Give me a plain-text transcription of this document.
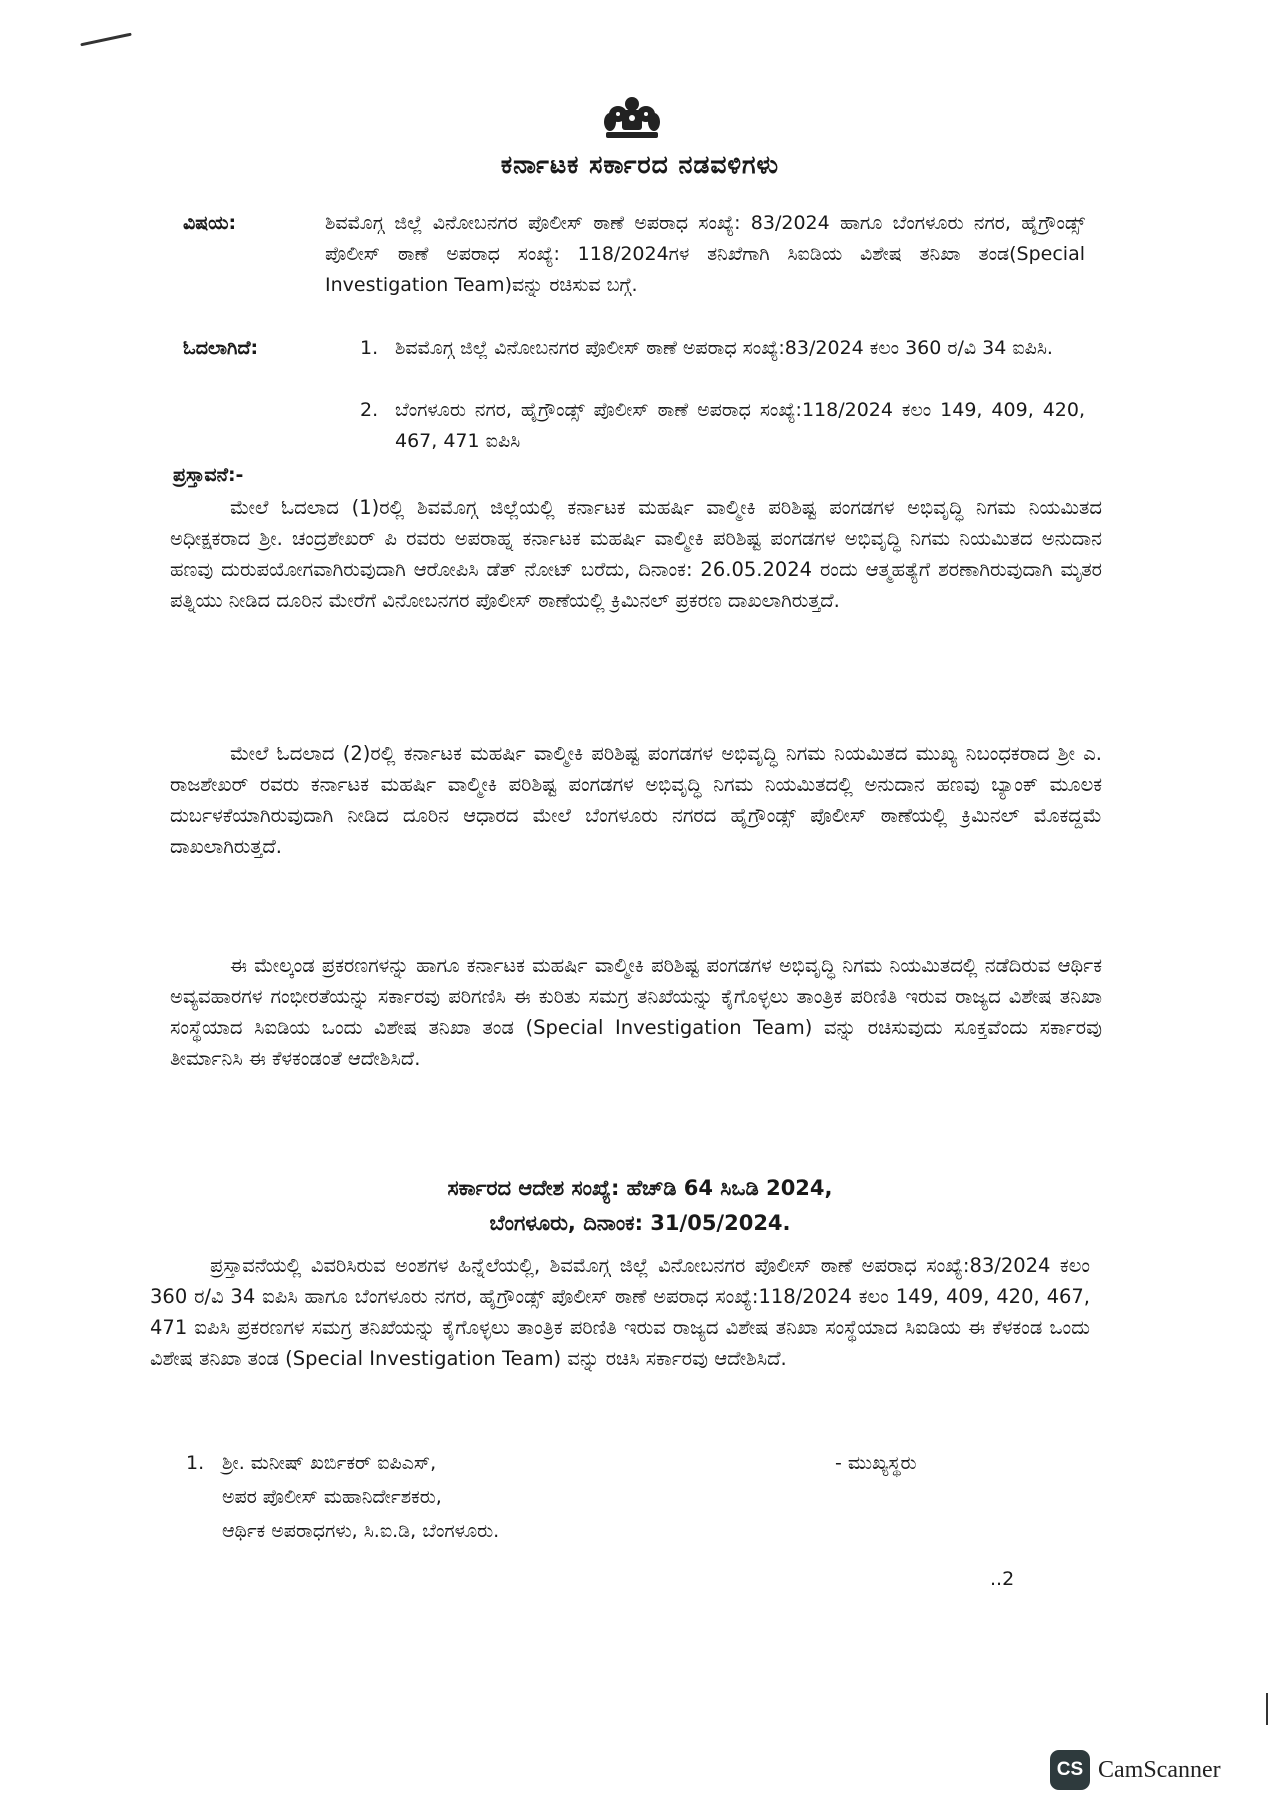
ಕರ್ನಾಟಕ ಸರ್ಕಾರದ ನಡವಳಿಗಳು
ವಿಷಯ:	ಶಿವಮೊಗ್ಗ ಜಿಲ್ಲೆ ವಿನೋಬನಗರ ಪೊಲೀಸ್ ಠಾಣೆ ಅಪರಾಧ ಸಂಖ್ಯೆ: 83/2024 ಹಾಗೂ ಬೆಂಗಳೂರು ನಗರ, ಹೈಗ್ರೌಂಡ್ಸ್ ಪೊಲೀಸ್ ಠಾಣೆ ಅಪರಾಧ ಸಂಖ್ಯೆ: 118/2024ಗಳ ತನಿಖೆಗಾಗಿ ಸಿಐಡಿಯ ವಿಶೇಷ ತನಿಖಾ ತಂಡ(Special Investigation Team)ವನ್ನು ರಚಿಸುವ ಬಗ್ಗೆ.
ಓದಲಾಗಿದೆ:	1. ಶಿವಮೊಗ್ಗ ಜಿಲ್ಲೆ ವಿನೋಬನಗರ ಪೊಲೀಸ್ ಠಾಣೆ ಅಪರಾಧ ಸಂಖ್ಯೆ:83/2024 ಕಲಂ 360 ರ/ವಿ 34 ಐಪಿಸಿ.
2. ಬೆಂಗಳೂರು ನಗರ, ಹೈಗ್ರೌಂಡ್ಸ್ ಪೊಲೀಸ್ ಠಾಣೆ ಅಪರಾಧ ಸಂಖ್ಯೆ:118/2024 ಕಲಂ 149, 409, 420, 467, 471 ಐಪಿಸಿ
ಪ್ರಸ್ತಾವನೆ:-
ಮೇಲೆ ಓದಲಾದ (1)ರಲ್ಲಿ ಶಿವಮೊಗ್ಗ ಜಿಲ್ಲೆಯಲ್ಲಿ ಕರ್ನಾಟಕ ಮಹರ್ಷಿ ವಾಲ್ಮೀಕಿ ಪರಿಶಿಷ್ಟ ಪಂಗಡಗಳ ಅಭಿವೃದ್ಧಿ ನಿಗಮ ನಿಯಮಿತದ ಅಧೀಕ್ಷಕರಾದ ಶ್ರೀ. ಚಂದ್ರಶೇಖರ್ ಪಿ ರವರು ಅಪರಾಹ್ನ ಕರ್ನಾಟಕ ಮಹರ್ಷಿ ವಾಲ್ಮೀಕಿ ಪರಿಶಿಷ್ಟ ಪಂಗಡಗಳ ಅಭಿವೃದ್ಧಿ ನಿಗಮ ನಿಯಮಿತದ ಅನುದಾನ ಹಣವು ದುರುಪಯೋಗವಾಗಿರುವುದಾಗಿ ಆರೋಪಿಸಿ ಡೆತ್ ನೋಟ್ ಬರೆದು, ದಿನಾಂಕ: 26.05.2024 ರಂದು ಆತ್ಮಹತ್ಯೆಗೆ ಶರಣಾಗಿರುವುದಾಗಿ ಮೃತರ ಪತ್ನಿಯು ನೀಡಿದ ದೂರಿನ ಮೇರೆಗೆ ವಿನೋಬನಗರ ಪೊಲೀಸ್ ಠಾಣೆಯಲ್ಲಿ ಕ್ರಿಮಿನಲ್ ಪ್ರಕರಣ ದಾಖಲಾಗಿರುತ್ತದೆ.
ಮೇಲೆ ಓದಲಾದ (2)ರಲ್ಲಿ ಕರ್ನಾಟಕ ಮಹರ್ಷಿ ವಾಲ್ಮೀಕಿ ಪರಿಶಿಷ್ಟ ಪಂಗಡಗಳ ಅಭಿವೃದ್ಧಿ ನಿಗಮ ನಿಯಮಿತದ ಮುಖ್ಯ ನಿಬಂಧಕರಾದ ಶ್ರೀ ಎ. ರಾಜಶೇಖರ್ ರವರು ಕರ್ನಾಟಕ ಮಹರ್ಷಿ ವಾಲ್ಮೀಕಿ ಪರಿಶಿಷ್ಟ ಪಂಗಡಗಳ ಅಭಿವೃದ್ಧಿ ನಿಗಮ ನಿಯಮಿತದಲ್ಲಿ ಅನುದಾನ ಹಣವು ಬ್ಯಾಂಕ್ ಮೂಲಕ ದುರ್ಬಳಕೆಯಾಗಿರುವುದಾಗಿ ನೀಡಿದ ದೂರಿನ ಆಧಾರದ ಮೇಲೆ ಬೆಂಗಳೂರು ನಗರದ ಹೈಗ್ರೌಂಡ್ಸ್ ಪೊಲೀಸ್ ಠಾಣೆಯಲ್ಲಿ ಕ್ರಿಮಿನಲ್ ಮೊಕದ್ದಮೆ ದಾಖಲಾಗಿರುತ್ತದೆ.
ಈ ಮೇಲ್ಕಂಡ ಪ್ರಕರಣಗಳನ್ನು ಹಾಗೂ ಕರ್ನಾಟಕ ಮಹರ್ಷಿ ವಾಲ್ಮೀಕಿ ಪರಿಶಿಷ್ಟ ಪಂಗಡಗಳ ಅಭಿವೃದ್ಧಿ ನಿಗಮ ನಿಯಮಿತದಲ್ಲಿ ನಡೆದಿರುವ ಆರ್ಥಿಕ ಅವ್ಯವಹಾರಗಳ ಗಂಭೀರತೆಯನ್ನು ಸರ್ಕಾರವು ಪರಿಗಣಿಸಿ ಈ ಕುರಿತು ಸಮಗ್ರ ತನಿಖೆಯನ್ನು ಕೈಗೊಳ್ಳಲು ತಾಂತ್ರಿಕ ಪರಿಣಿತಿ ಇರುವ ರಾಜ್ಯದ ವಿಶೇಷ ತನಿಖಾ ಸಂಸ್ಥೆಯಾದ ಸಿಐಡಿಯ ಒಂದು ವಿಶೇಷ ತನಿಖಾ ತಂಡ (Special Investigation Team) ವನ್ನು ರಚಿಸುವುದು ಸೂಕ್ತವೆಂದು ಸರ್ಕಾರವು ತೀರ್ಮಾನಿಸಿ ಈ ಕೆಳಕಂಡಂತೆ ಆದೇಶಿಸಿದೆ.
ಸರ್ಕಾರದ ಆದೇಶ ಸಂಖ್ಯೆ: ಹೆಚ್‌ಡಿ 64 ಸಿಒಡಿ 2024,
ಬೆಂಗಳೂರು, ದಿನಾಂಕ: 31/05/2024.
ಪ್ರಸ್ತಾವನೆಯಲ್ಲಿ ವಿವರಿಸಿರುವ ಅಂಶಗಳ ಹಿನ್ನೆಲೆಯಲ್ಲಿ, ಶಿವಮೊಗ್ಗ ಜಿಲ್ಲೆ ವಿನೋಬನಗರ ಪೊಲೀಸ್ ಠಾಣೆ ಅಪರಾಧ ಸಂಖ್ಯೆ:83/2024 ಕಲಂ 360 ರ/ವಿ 34 ಐಪಿಸಿ ಹಾಗೂ ಬೆಂಗಳೂರು ನಗರ, ಹೈಗ್ರೌಂಡ್ಸ್ ಪೊಲೀಸ್ ಠಾಣೆ ಅಪರಾಧ ಸಂಖ್ಯೆ:118/2024 ಕಲಂ 149, 409, 420, 467, 471 ಐಪಿಸಿ ಪ್ರಕರಣಗಳ ಸಮಗ್ರ ತನಿಖೆಯನ್ನು ಕೈಗೊಳ್ಳಲು ತಾಂತ್ರಿಕ ಪರಿಣಿತಿ ಇರುವ ರಾಜ್ಯದ ವಿಶೇಷ ತನಿಖಾ ಸಂಸ್ಥೆಯಾದ ಸಿಐಡಿಯ ಈ ಕೆಳಕಂಡ ಒಂದು ವಿಶೇಷ ತನಿಖಾ ತಂಡ (Special Investigation Team) ವನ್ನು ರಚಿಸಿ ಸರ್ಕಾರವು ಆದೇಶಿಸಿದೆ.
1. ಶ್ರೀ. ಮನೀಷ್ ಖರ್ಬಿಕರ್ ಐಪಿಎಸ್,
ಅಪರ ಪೊಲೀಸ್ ಮಹಾನಿರ್ದೇಶಕರು,
ಆರ್ಥಿಕ ಅಪರಾಧಗಳು, ಸಿ.ಐ.ಡಿ, ಬೆಂಗಳೂರು.
- ಮುಖ್ಯಸ್ಥರು
..2
CS CamScanner
